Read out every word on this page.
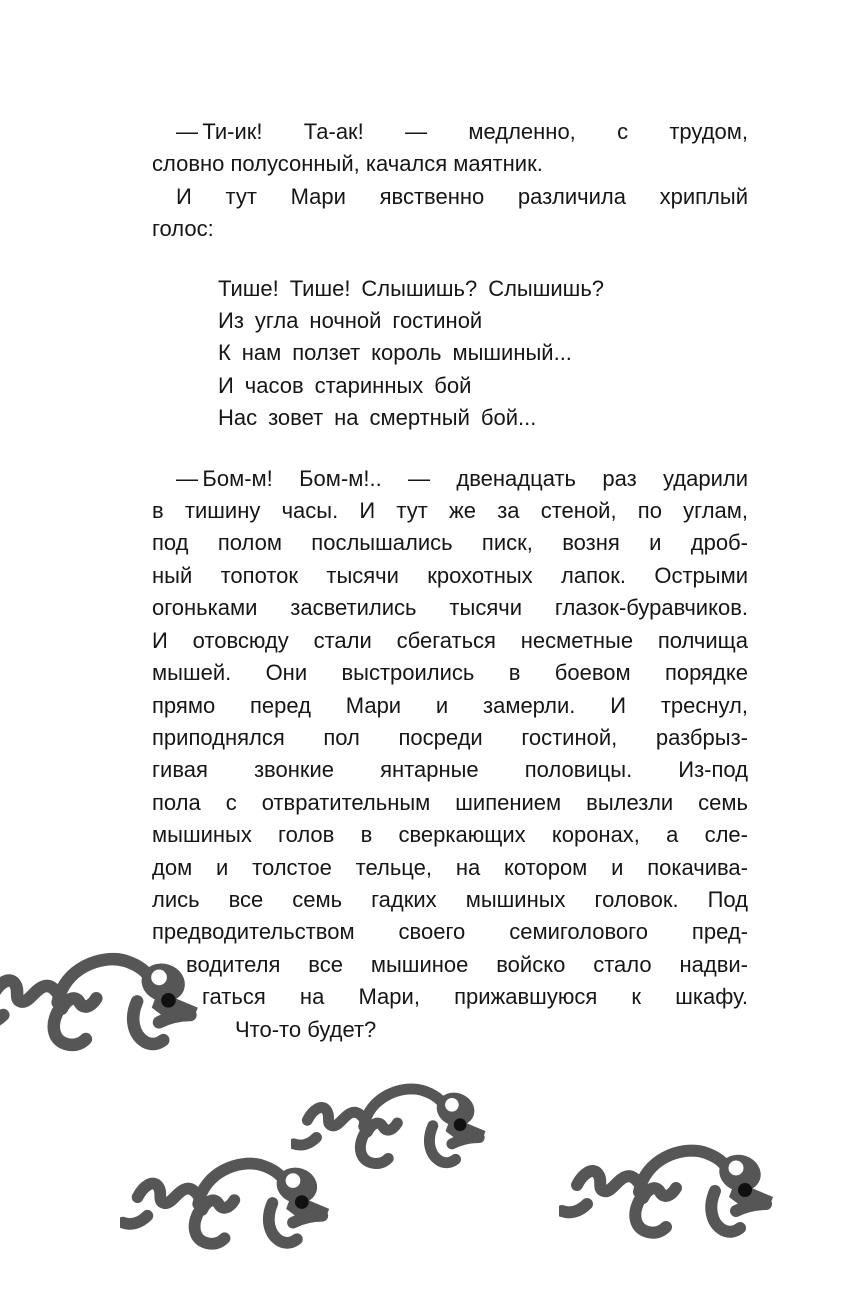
— Ти-ик! Та-ак! — медленно, с трудом,

словно полусонный, качался маятник.

И тут Мари явственно различила хриплый

голос:

Тише! Тише! Слышишь? Слышишь?

Из угла ночной гостиной

К нам ползет король мышиный...

И часов старинных бой

Нас зовет на смертный бой...

— Бом-м! Бом-м!.. — двенадцать раз ударили

в тишину часы. И тут же за стеной, по углам,

под полом послышались писк, возня и дроб-

ный топоток тысячи крохотных лапок. Острыми

огоньками засветились тысячи глазок-буравчиков.

И отовсюду стали сбегаться несметные полчища

мышей. Они выстроились в боевом порядке

прямо перед Мари и замерли. И треснул,

приподнялся пол посреди гостиной, разбрыз-

гивая звонкие янтарные половицы. Из-под

пола с отвратительным шипением вылезли семь

мышиных голов в сверкающих коронах, а сле-

дом и толстое тельце, на котором и покачива-

лись все семь гадких мышиных головок. Под

предводительством своего семиголового пред-

водителя все мышиное войско стало надви-

гаться на Мари, прижавшуюся к шкафу.

Что-то будет?
